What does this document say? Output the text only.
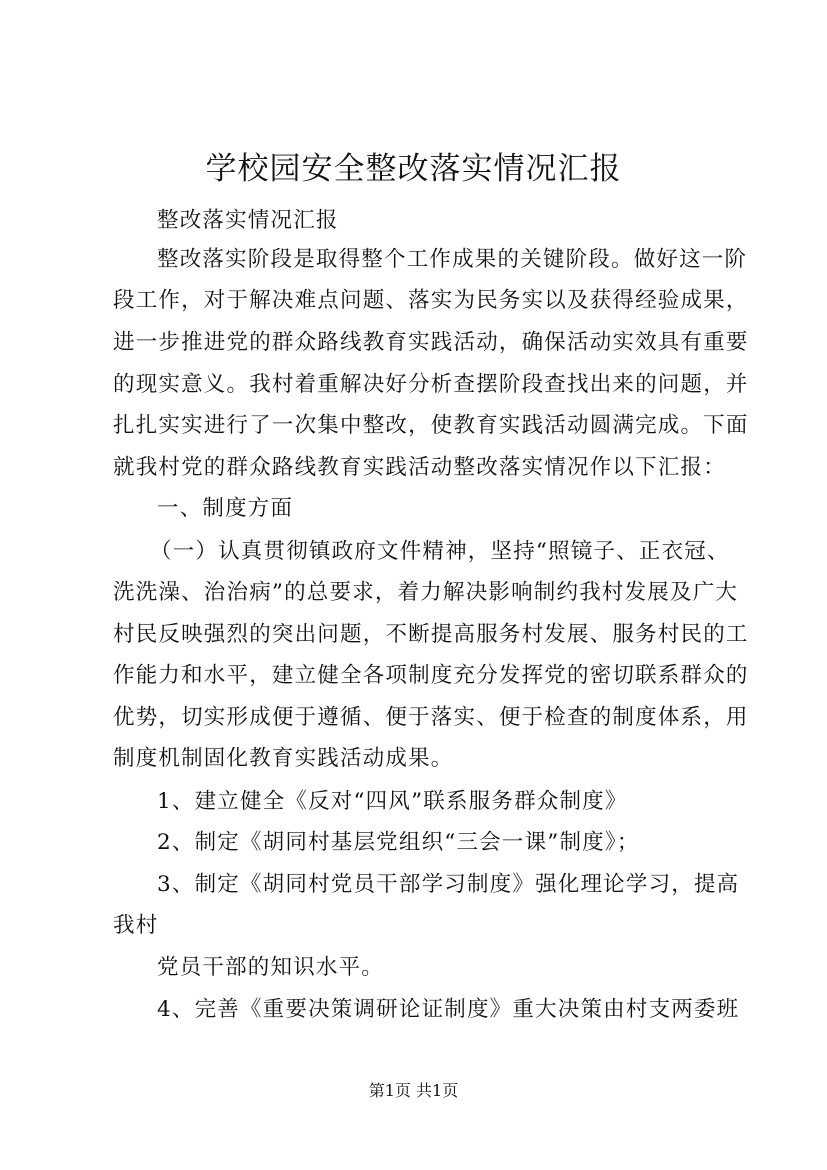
学校园安全整改落实情况汇报
整改落实情况汇报
整改落实阶段是取得整个工作成果的关键阶段。做好这一阶
段工作，对于解决难点问题、落实为民务实以及获得经验成果，
进一步推进党的群众路线教育实践活动，确保活动实效具有重要
的现实意义。我村着重解决好分析查摆阶段查找出来的问题，并
扎扎实实进行了一次集中整改，使教育实践活动圆满完成。下面
就我村党的群众路线教育实践活动整改落实情况作以下汇报：
一、制度方面
（一）认真贯彻镇政府文件精神，坚持“照镜子、正衣冠、
洗洗澡、治治病”的总要求，着力解决影响制约我村发展及广大
村民反映强烈的突出问题，不断提高服务村发展、服务村民的工
作能力和水平，建立健全各项制度充分发挥党的密切联系群众的
优势，切实形成便于遵循、便于落实、便于检查的制度体系，用
制度机制固化教育实践活动成果。
1、建立健全《反对“四风”联系服务群众制度》
2、制定《胡同村基层党组织“三会一课”制度》；
3、制定《胡同村党员干部学习制度》强化理论学习，提高
我村
党员干部的知识水平。
4、完善《重要决策调研论证制度》重大决策由村支两委班
第1页 共1页
